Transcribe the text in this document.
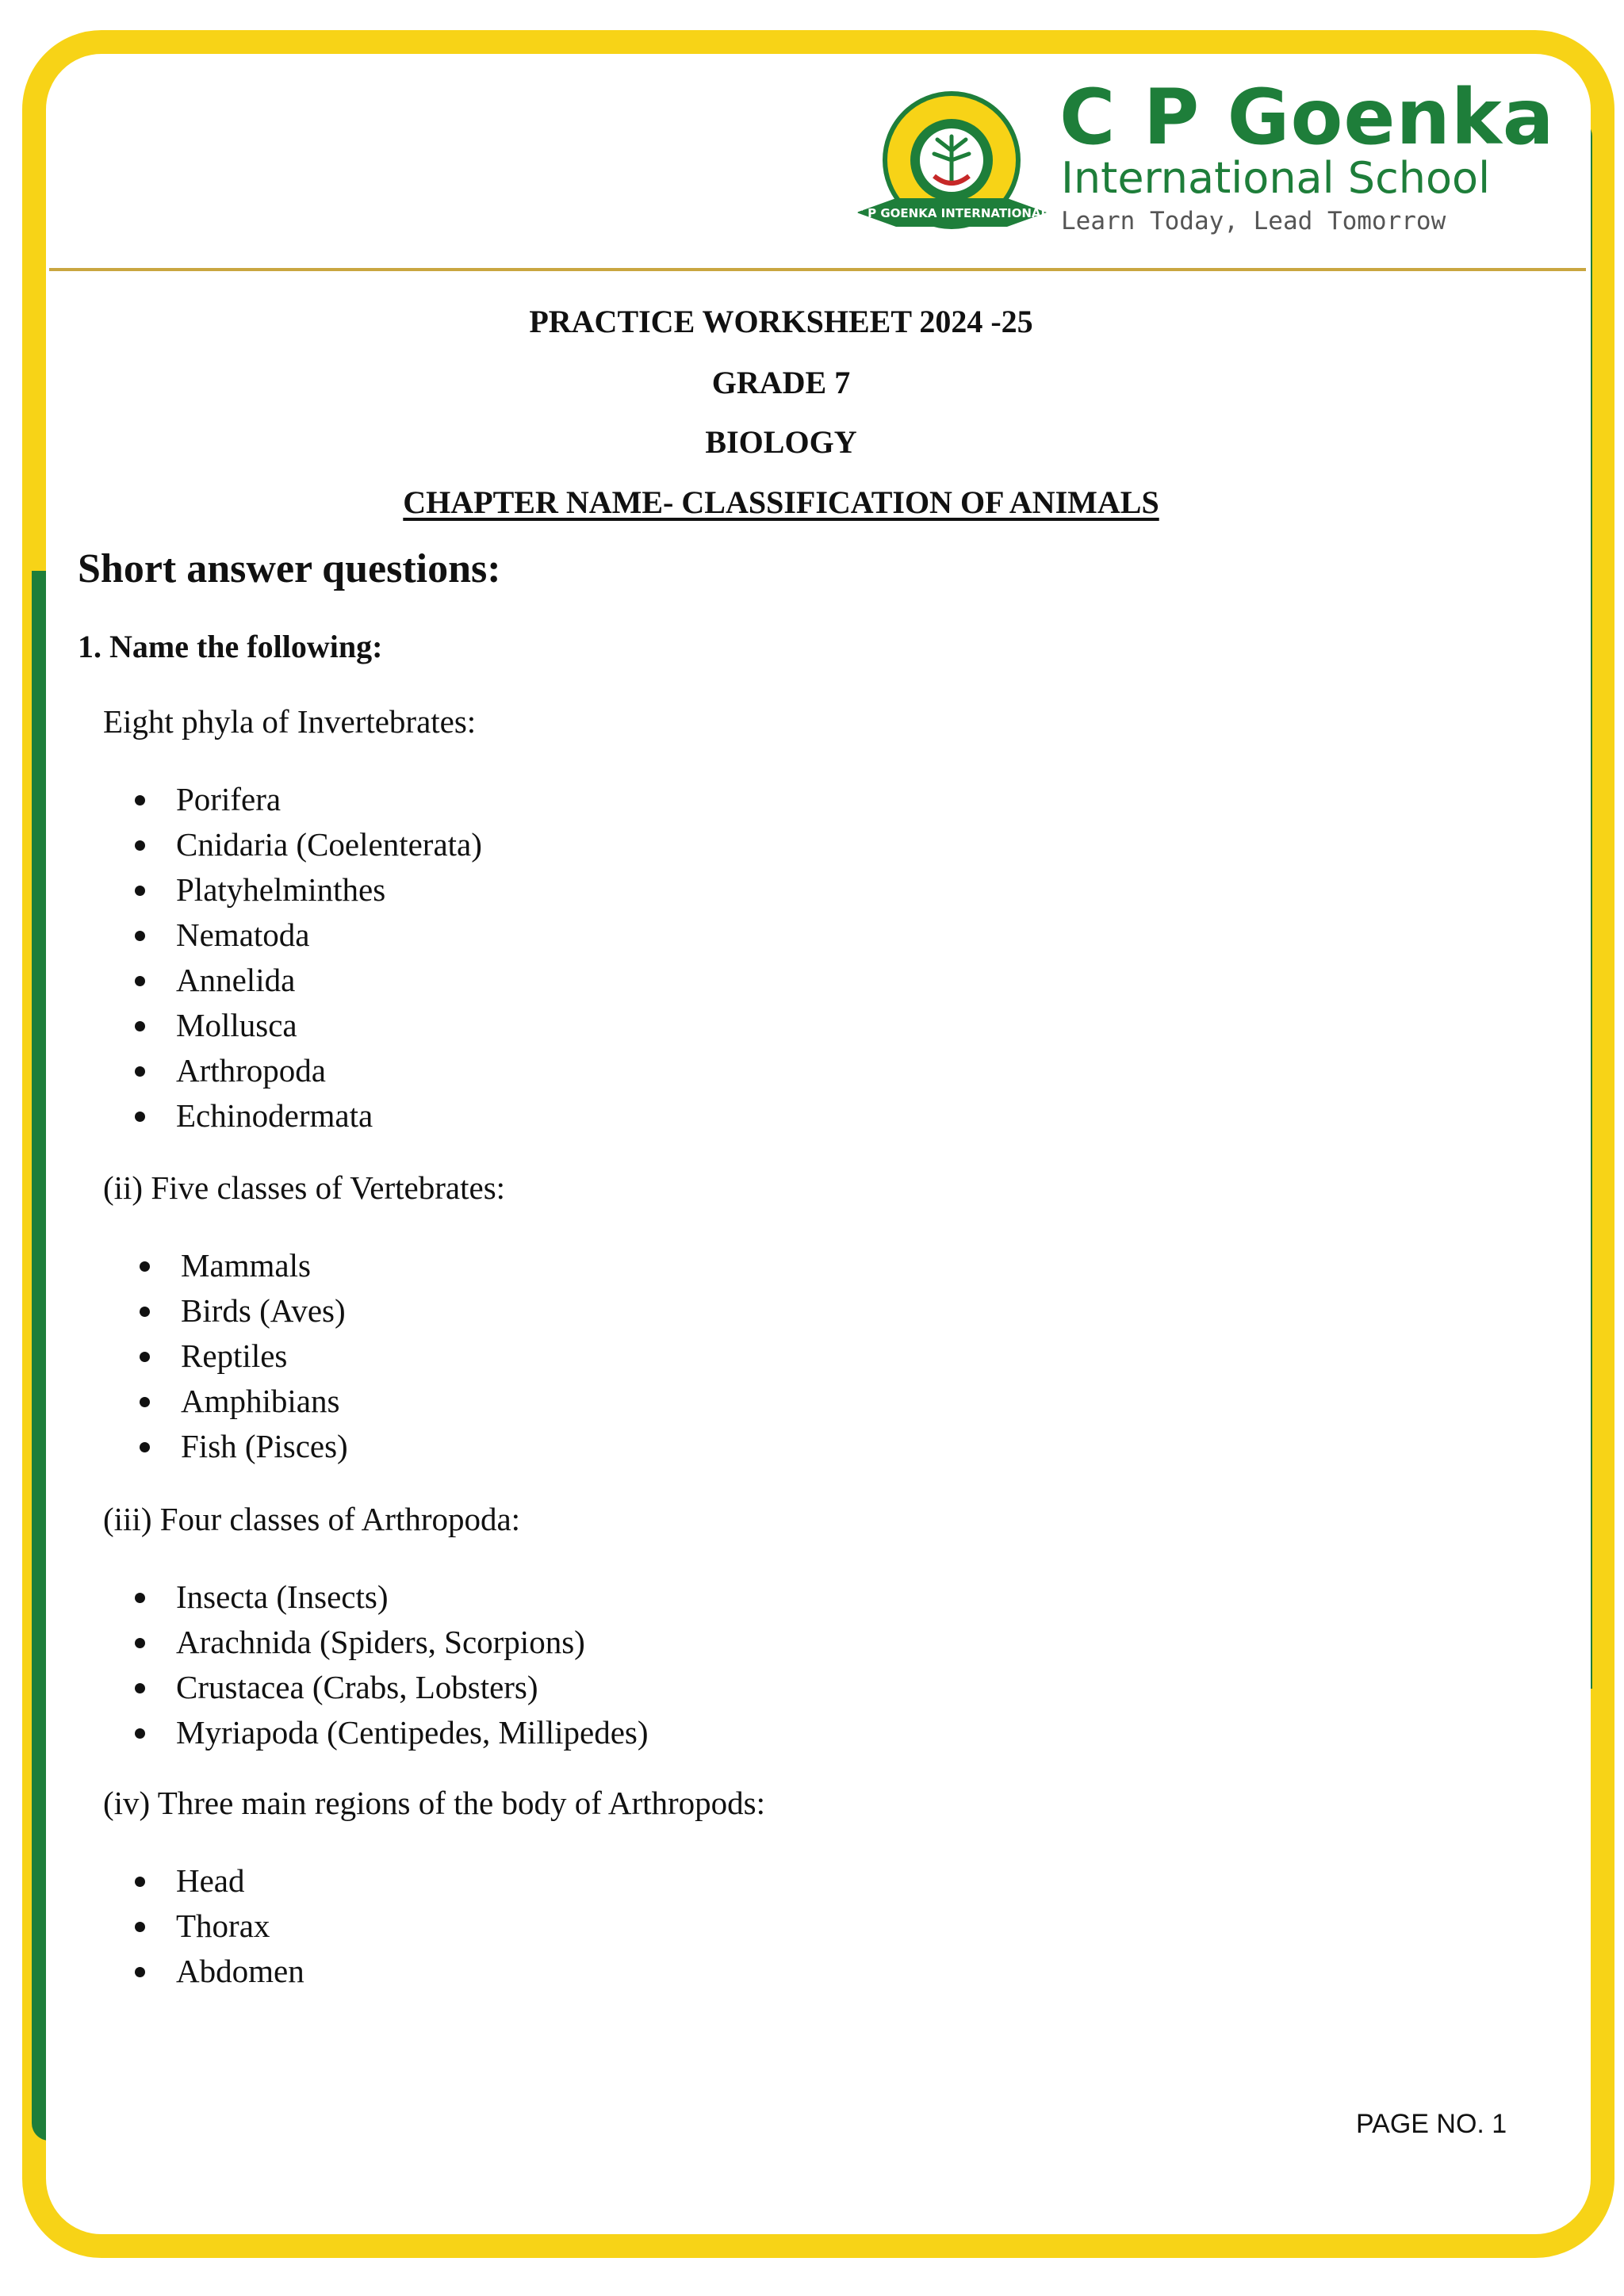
C P GOENKA INTERNATIONAL
C P Goenka
International School
Learn Today, Lead Tomorrow
PRACTICE WORKSHEET 2024 -25
GRADE 7
BIOLOGY
CHAPTER NAME- CLASSIFICATION OF ANIMALS
Short answer questions:
1. Name the following:
Eight phyla of Invertebrates:
Porifera
Cnidaria (Coelenterata)
Platyhelminthes
Nematoda
Annelida
Mollusca
Arthropoda
Echinodermata
(ii) Five classes of Vertebrates:
Mammals
Birds (Aves)
Reptiles
Amphibians
Fish (Pisces)
(iii) Four classes of Arthropoda:
Insecta (Insects)
Arachnida (Spiders, Scorpions)
Crustacea (Crabs, Lobsters)
Myriapoda (Centipedes, Millipedes)
(iv) Three main regions of the body of Arthropods:
Head
Thorax
Abdomen
PAGE NO. 1
